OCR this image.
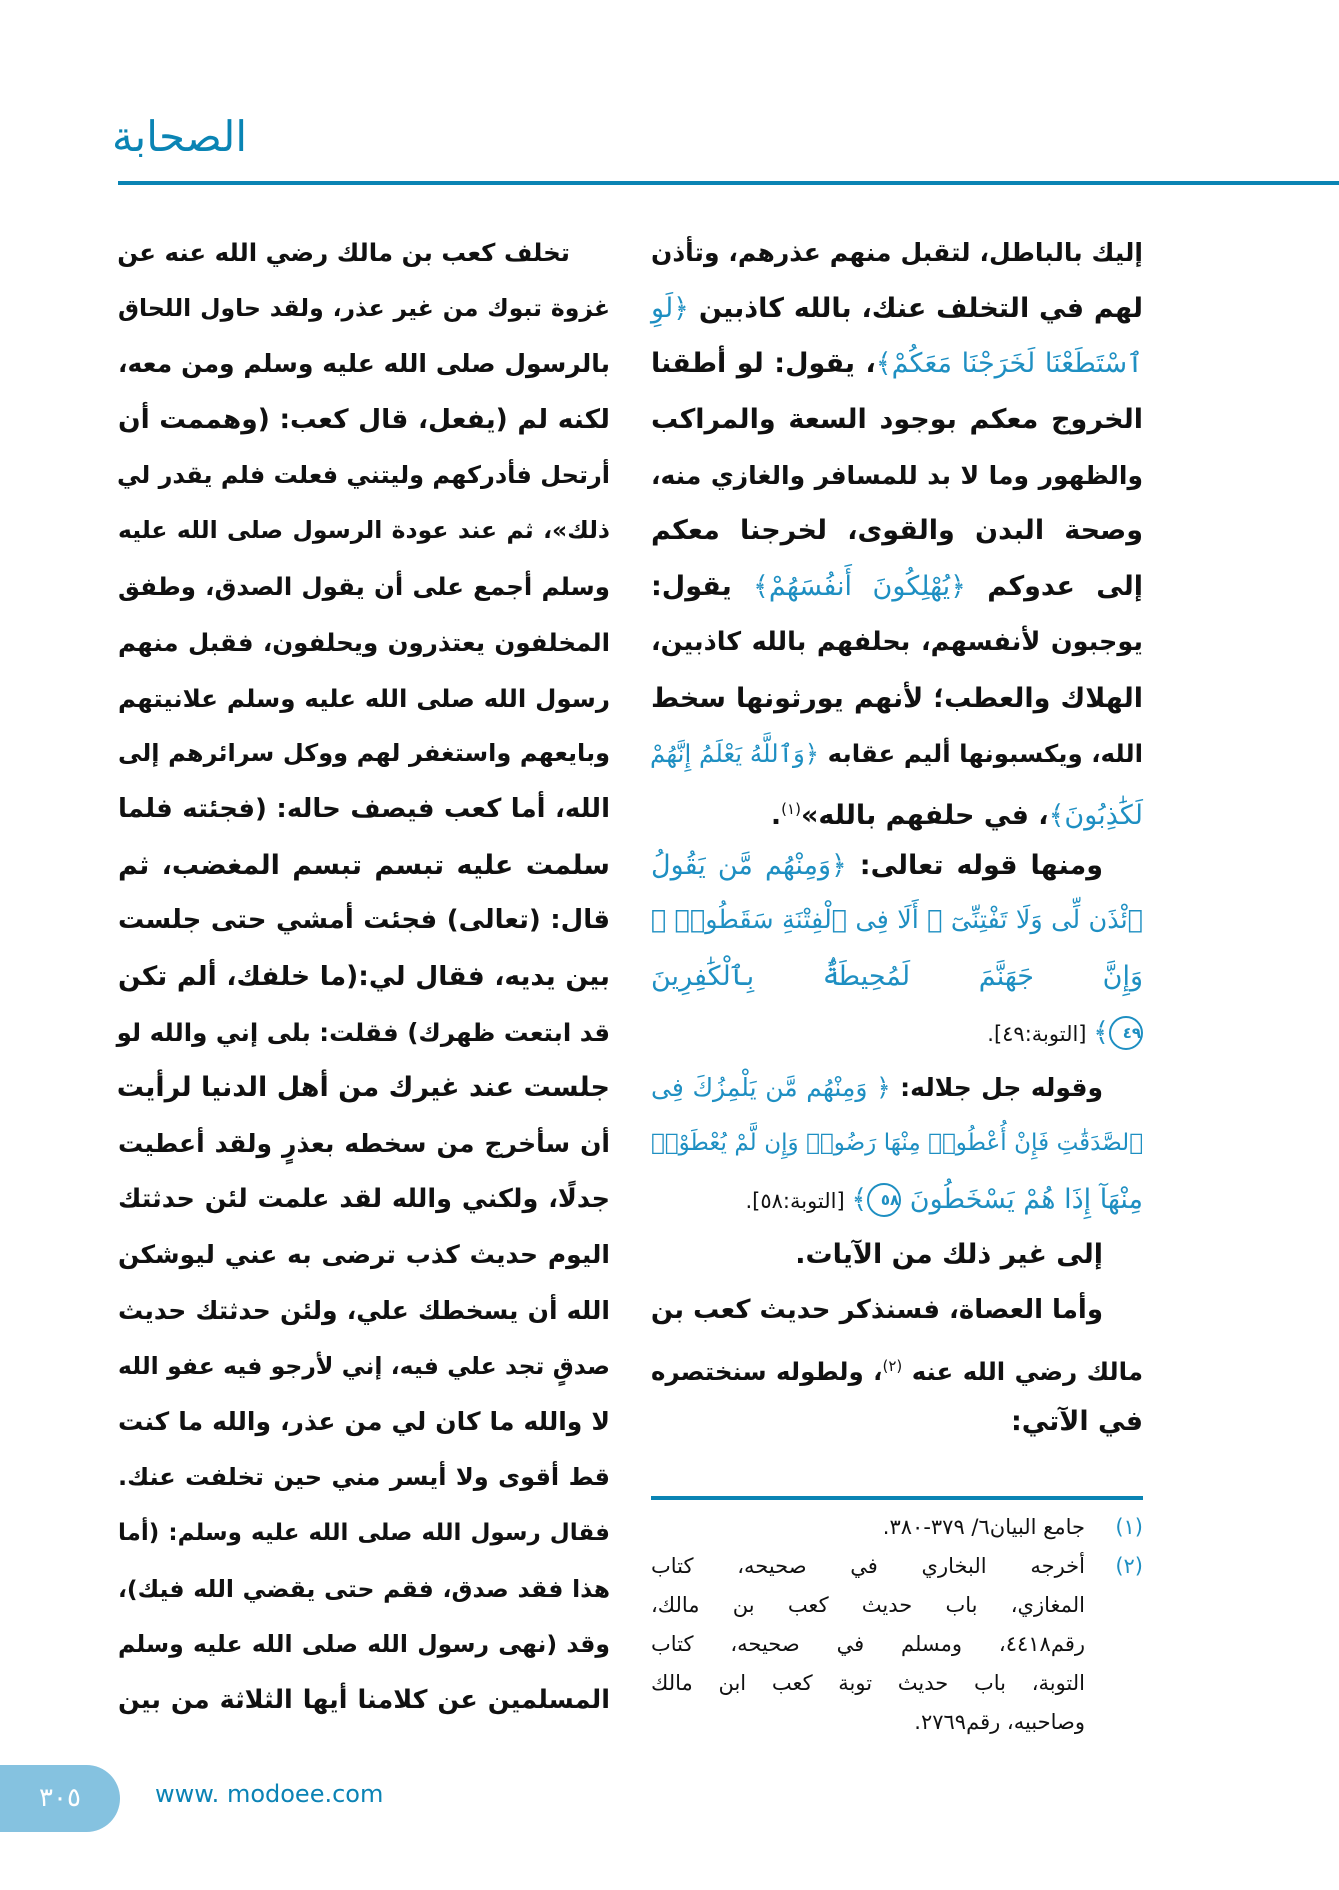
الصحابة
إليك بالباطل، لتقبل منهم عذرهم، وتأذن
لهم في التخلف عنك، بالله كاذبين ﴿لَوِ
ٱسْتَطَعْنَا لَخَرَجْنَا مَعَكُمْ﴾، يقول: لو أطقنا
الخروج معكم بوجود السعة والمراكب
والظهور وما لا بد للمسافر والغازي منه،
وصحة البدن والقوى، لخرجنا معكم
إلى عدوكم ﴿يُهْلِكُونَ أَنفُسَهُمْ﴾ يقول:
يوجبون لأنفسهم، بحلفهم بالله كاذبين،
الهلاك والعطب؛ لأنهم يورثونها سخط
الله، ويكسبونها أليم عقابه ﴿وَٱللَّهُ يَعْلَمُ إِنَّهُمْ
لَكَٰذِبُونَ﴾، في حلفهم بالله»$^{(١)}$.
ومنها قوله تعالى: ﴿وَمِنْهُم مَّن يَقُولُ
ٱئْذَن لِّى وَلَا تَفْتِنِّىٓ ۚ أَلَا فِى ٱلْفِتْنَةِ سَقَطُوا۟ ۗ
وَإِنَّ جَهَنَّمَ لَمُحِيطَةٌۢ بِٱلْكَٰفِرِينَ
٤٩﴾ [التوبة:٤٩].
وقوله جل جلاله: ﴿ وَمِنْهُم مَّن يَلْمِزُكَ فِى
ٱلصَّدَقَٰتِ فَإِنْ أُعْطُوا۟ مِنْهَا رَضُوا۟ وَإِن لَّمْ يُعْطَوْا۟
مِنْهَآ إِذَا هُمْ يَسْخَطُونَ ٥٨﴾ [التوبة:٥٨].
إلى غير ذلك من الآيات.
وأما العصاة، فسنذكر حديث كعب بن
مالك رضي الله عنه $^{(٢)}$، ولطوله سنختصره
في الآتي:
تخلف كعب بن مالك رضي الله عنه عن
غزوة تبوك من غير عذر، ولقد حاول اللحاق
بالرسول صلى الله عليه وسلم ومن معه،
لكنه لم (يفعل، قال كعب: (وهممت أن
أرتحل فأدركهم وليتني فعلت فلم يقدر لي
ذلك»، ثم عند عودة الرسول صلى الله عليه
وسلم أجمع على أن يقول الصدق، وطفق
المخلفون يعتذرون ويحلفون، فقبل منهم
رسول الله صلى الله عليه وسلم علانيتهم
وبايعهم واستغفر لهم ووكل سرائرهم إلى
الله، أما كعب فيصف حاله: (فجئته فلما
سلمت عليه تبسم تبسم المغضب، ثم
قال: (تعالى) فجئت أمشي حتى جلست
بين يديه، فقال لي:(ما خلفك، ألم تكن
قد ابتعت ظهرك) فقلت: بلى إني والله لو
جلست عند غيرك من أهل الدنيا لرأيت
أن سأخرج من سخطه بعذرٍ ولقد أعطيت
جدلًا، ولكني والله لقد علمت لئن حدثتك
اليوم حديث كذب ترضى به عني ليوشكن
الله أن يسخطك علي، ولئن حدثتك حديث
صدقٍ تجد علي فيه، إني لأرجو فيه عفو الله
لا والله ما كان لي من عذر، والله ما كنت
قط أقوى ولا أيسر مني حين تخلفت عنك.
فقال رسول الله صلى الله عليه وسلم: (أما
هذا فقد صدق، فقم حتى يقضي الله فيك)،
وقد (نهى رسول الله صلى الله عليه وسلم
المسلمين عن كلامنا أيها الثلاثة من بين
(١)
جامع البيان٦/ ٣٧٩-٣٨٠.
(٢)
أخرجه البخاري في صحيحه، كتاب
المغازي، باب حديث كعب بن مالك،
رقم٤٤١٨، ومسلم في صحيحه، كتاب
التوبة، باب حديث توبة كعب ابن مالك
وصاحبيه، رقم٢٧٦٩.
٣٠٥	www. modoee.com
